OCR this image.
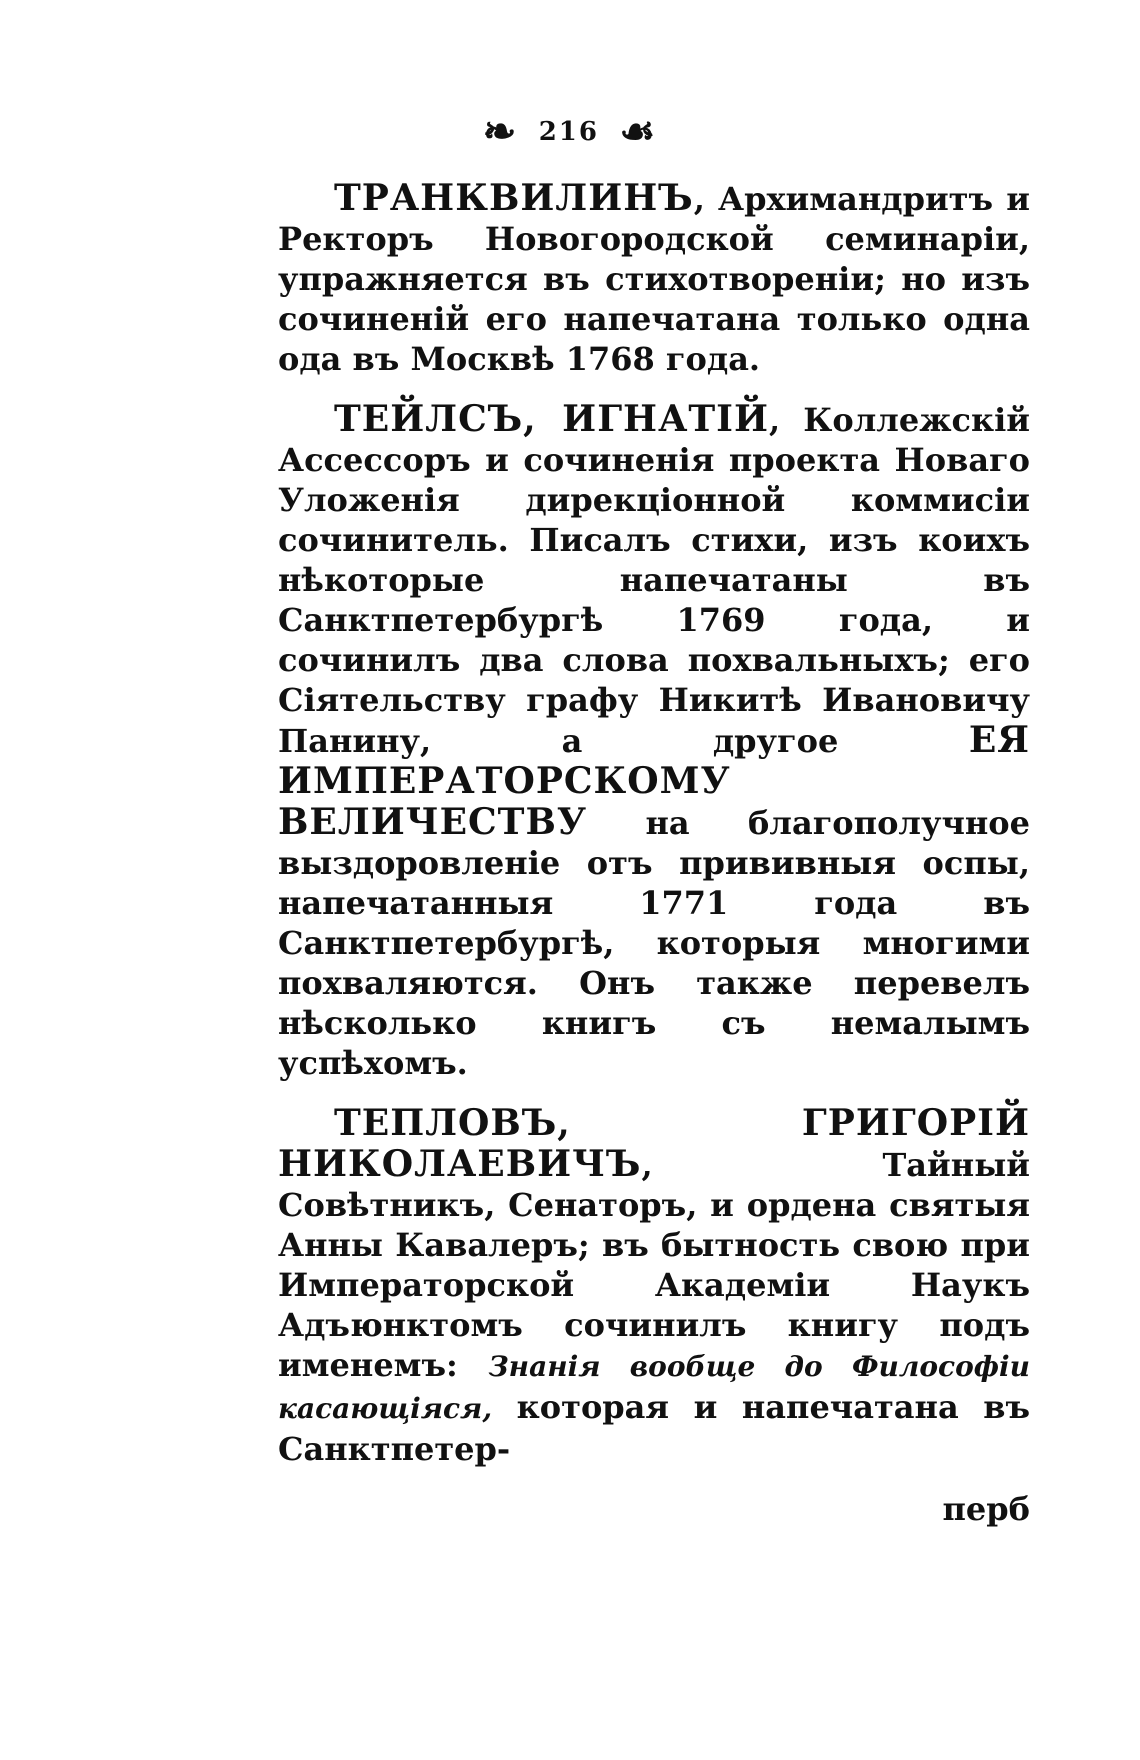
❧ 216 ☙

ТРАНКВИЛИНЪ, Архимандритъ и Ректоръ Новогородской семинаріи, упражняется въ стихотвореніи; но изъ сочиненій его напечатана только одна ода въ Москвѣ 1768 года.

ТЕЙЛСЪ, ИГНАТІЙ, Коллежскій Ассессоръ и сочиненія проекта Новаго Уложенія дирекціонной коммисіи сочинитель. Писалъ стихи, изъ коихъ нѣкоторые напечатаны въ Санктпетербургѣ 1769 года, и сочинилъ два слова похвальныхъ; его Сіятельству графу Никитѣ Ивановичу Панину, а другое	ЕЯ ИМПЕРАТОРСКОМУ ВЕЛИЧЕСТВУ на благополучное выздоровленіе отъ прививныя оспы, напечатанныя 1771 года въ Санктпетербургѣ, которыя многими похваляются. Онъ также перевелъ нѣсколько книгъ съ немалымъ успѣхомъ.

ТЕПЛОВЪ, ГРИГОРІЙ НИКОЛАЕВИЧЪ, Тайный Совѣтникъ, Сенаторъ, и ордена святыя Анны Кавалеръ; въ бытность свою при Императорской Академіи Наукъ Адъюнктомъ сочинилъ книгу подъ именемъ: Знанія вообще до Философіи касающіяся, которая и напечатана въ Санктпетер-

перб
